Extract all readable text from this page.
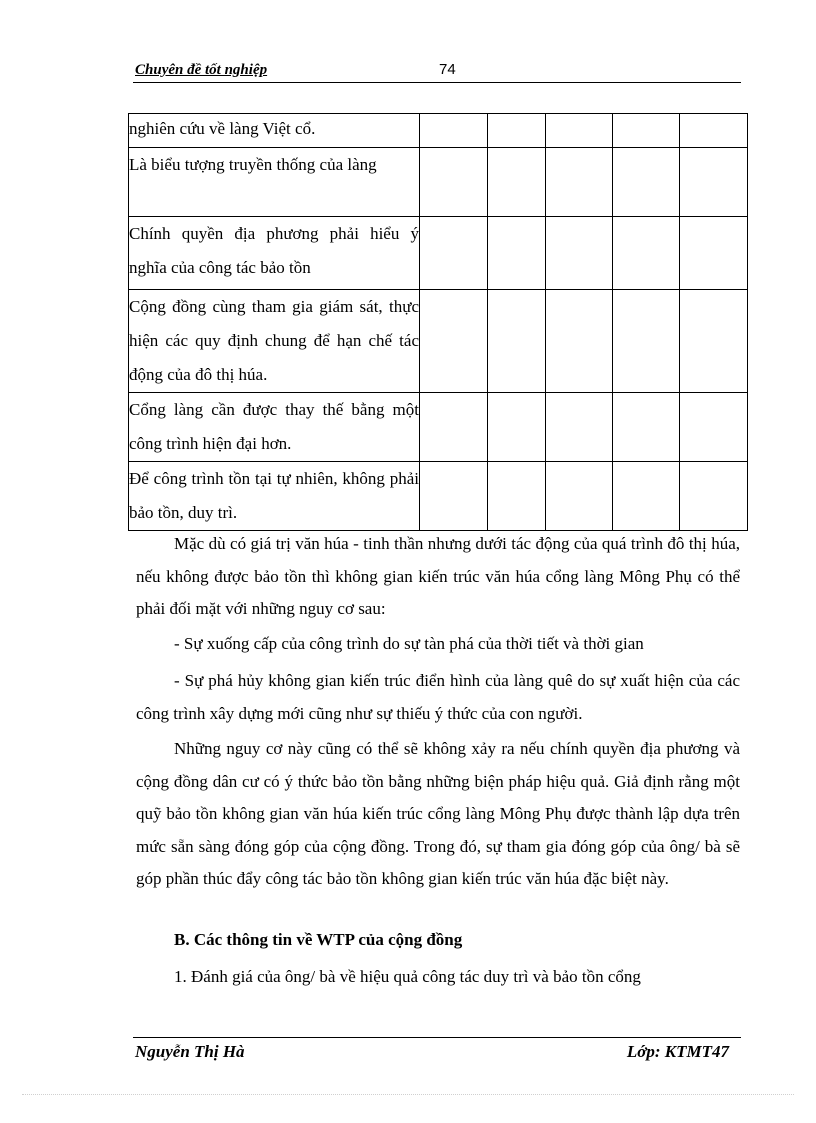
Chuyên đề tốt nghiệp	74
nghiên cứu về làng Việt cổ.					
Là biểu tượng truyền thống của làng					
Chính quyền địa phương phải hiểu ý nghĩa của công tác bảo tồn					
Cộng đồng cùng tham gia giám sát, thực hiện các quy định chung để hạn chế tác động của đô thị húa.					
Cổng làng cần được thay thế bằng một công trình hiện đại hơn.					
Để công trình tồn tại tự nhiên, không phải bảo tồn, duy trì.					

Mặc dù có giá trị văn húa - tinh thần nhưng dưới tác động của quá trình đô thị húa, nếu không được bảo tồn thì không gian kiến trúc văn húa cổng làng Mông Phụ có thể phải đối mặt với những nguy cơ sau:

- Sự xuống cấp của công trình do sự tàn phá của thời tiết và thời gian

- Sự phá hủy không gian kiến trúc điển hình của làng quê do sự xuất hiện của các công trình xây dựng mới cũng như sự thiếu ý thức của con người.

Những nguy cơ này cũng có thể sẽ không xảy ra nếu chính quyền địa phương và cộng đồng dân cư có ý thức bảo tồn bằng những biện pháp hiệu quả. Giả định rằng một quỹ bảo tồn không gian văn húa kiến trúc cổng làng Mông Phụ được thành lập dựa trên mức sẵn sàng đóng góp của cộng đồng. Trong đó, sự tham gia đóng góp của ông/ bà sẽ góp phần thúc đẩy công tác bảo tồn không gian kiến trúc văn húa đặc biệt này.

B. Các thông tin về WTP của cộng đồng

1. Đánh giá của ông/ bà về hiệu quả công tác duy trì và bảo tồn cổng

Nguyễn Thị Hà	Lớp: KTMT47
